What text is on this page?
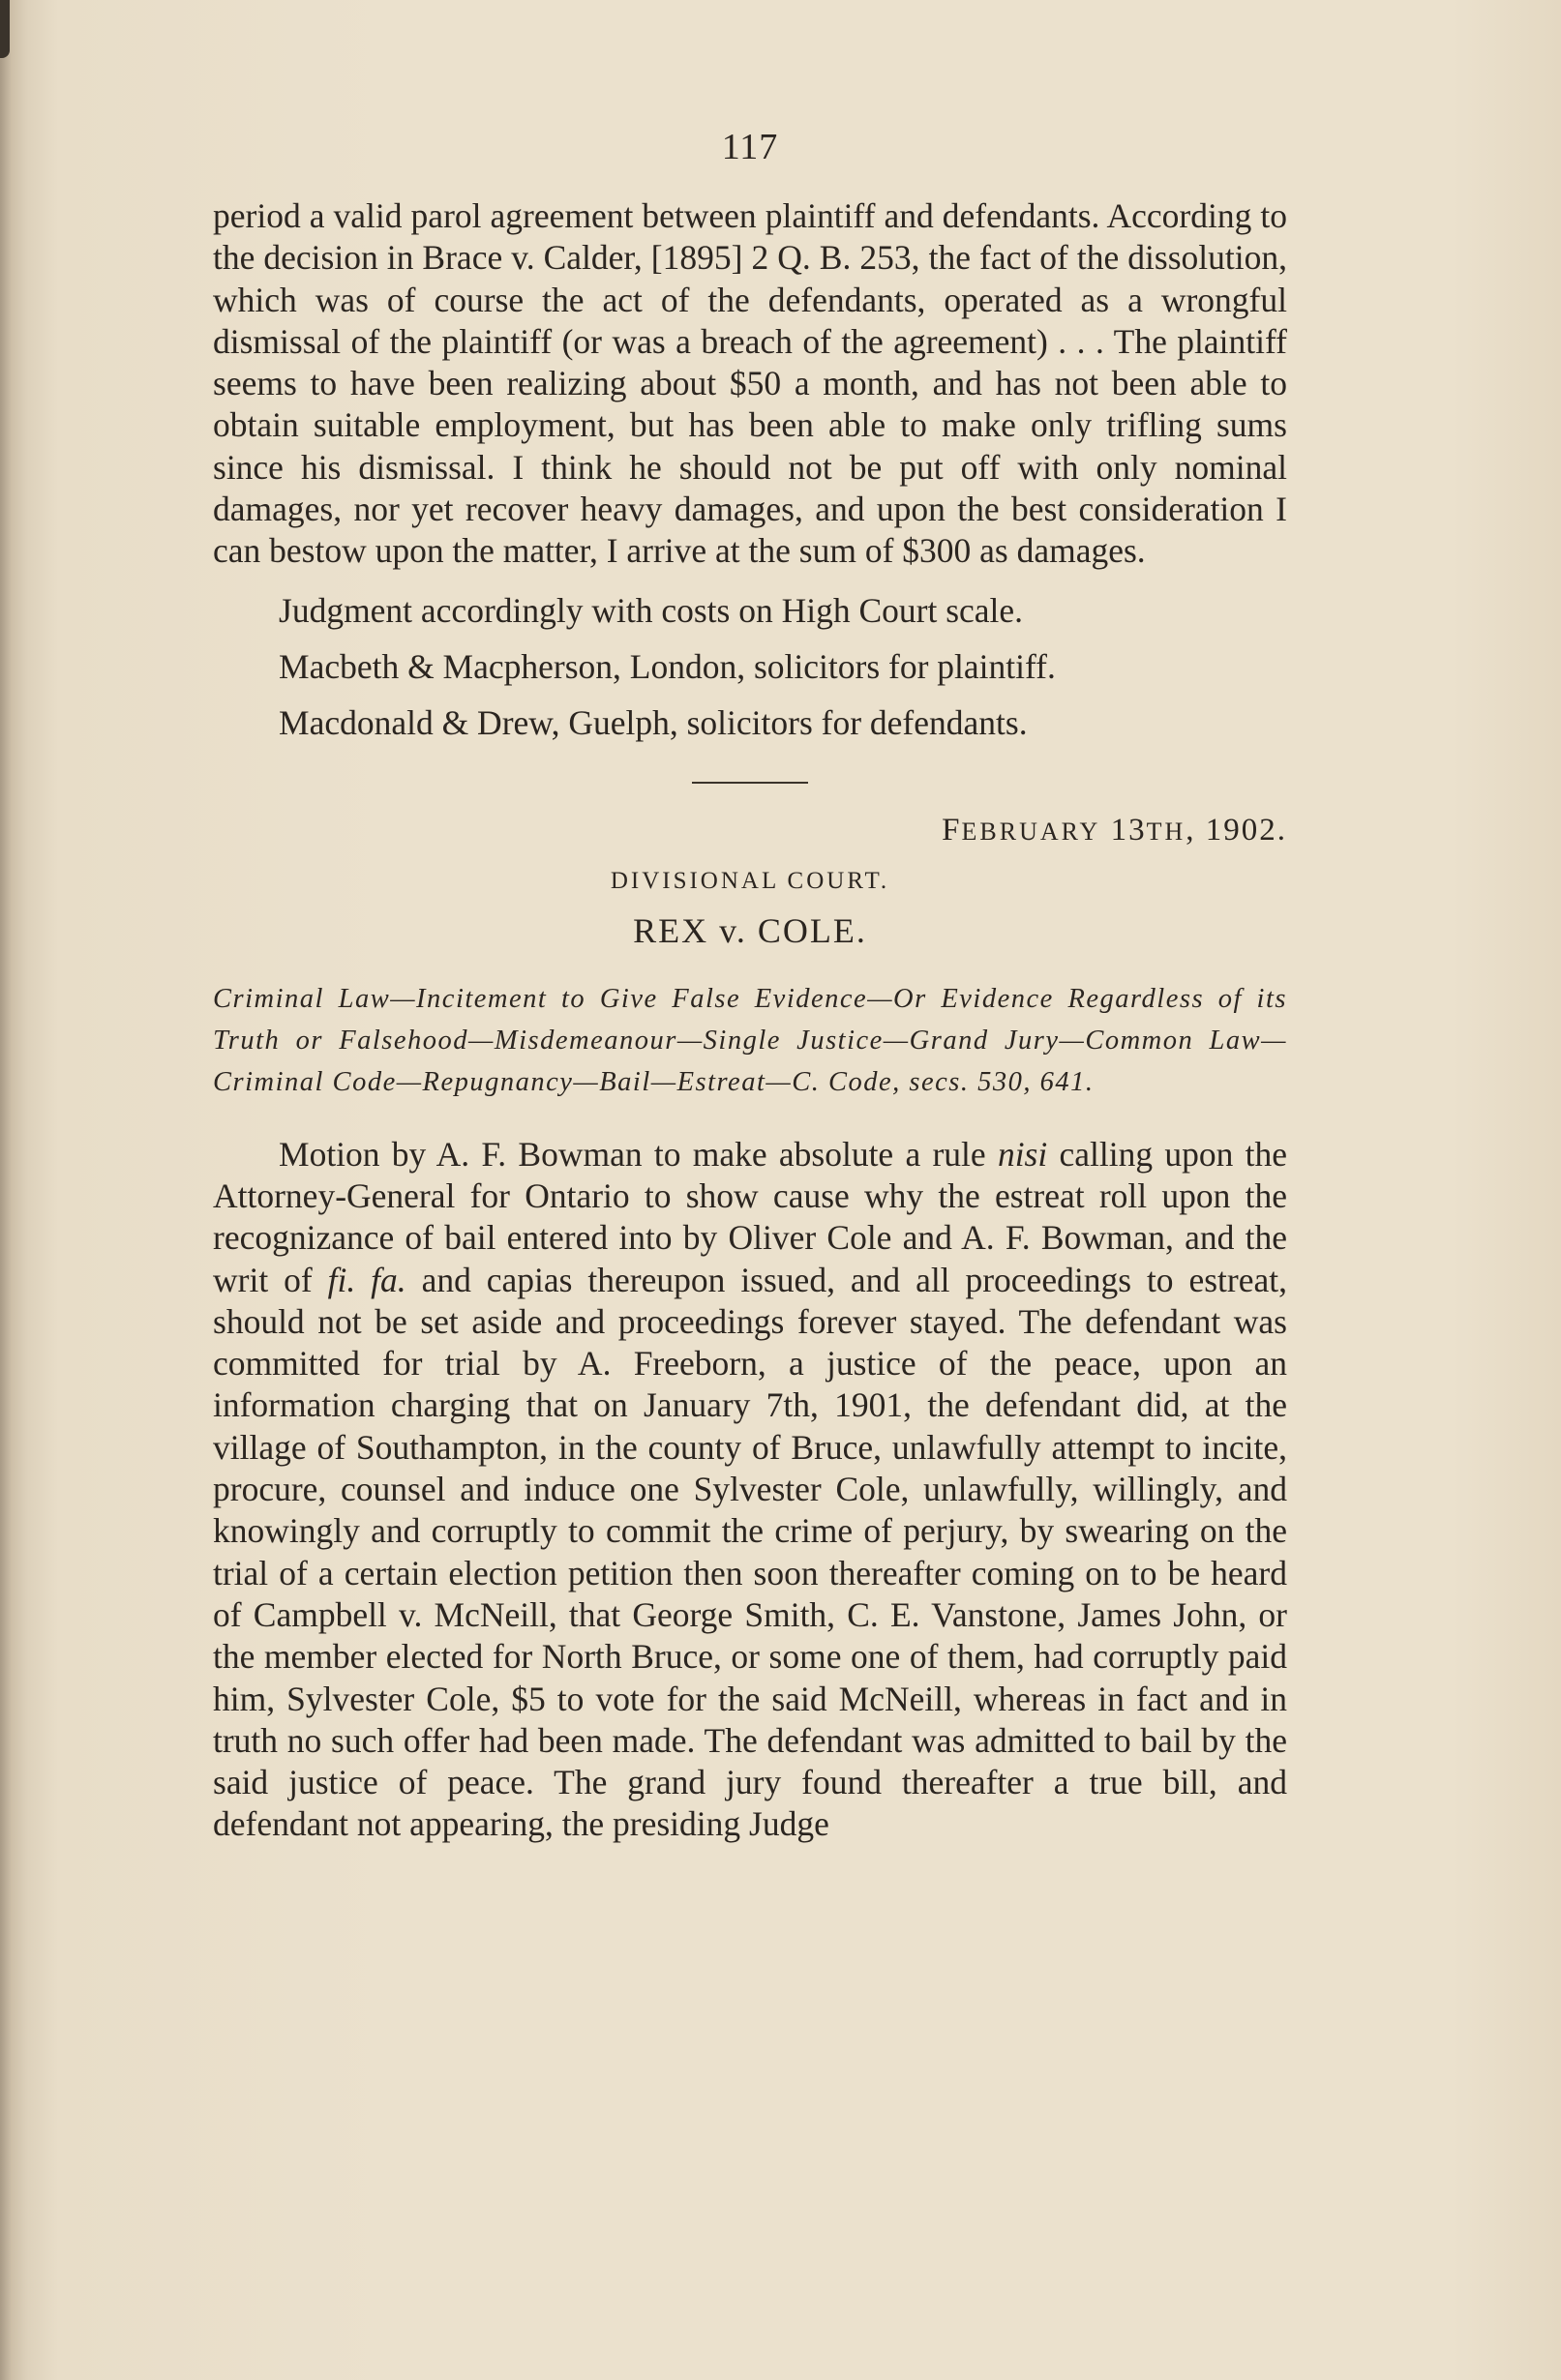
117

period a valid parol agreement between plaintiff and defendants. According to the decision in Brace v. Calder, [1895] 2 Q. B. 253, the fact of the dissolution, which was of course the act of the defendants, operated as a wrongful dismissal of the plaintiff (or was a breach of the agreement) . . . The plaintiff seems to have been realizing about $50 a month, and has not been able to obtain suitable employment, but has been able to make only trifling sums since his dismissal. I think he should not be put off with only nominal damages, nor yet recover heavy damages, and upon the best consideration I can bestow upon the matter, I arrive at the sum of $300 as damages.

Judgment accordingly with costs on High Court scale.

Macbeth & Macpherson, London, solicitors for plaintiff.

Macdonald & Drew, Guelph, solicitors for defendants.

FEBRUARY 13TH, 1902.
DIVISIONAL COURT.
REX v. COLE.
Criminal Law—Incitement to Give False Evidence—Or Evidence Regardless of its Truth or Falsehood—Misdemeanour—Single Justice—Grand Jury—Common Law—Criminal Code—Repugnancy—Bail—Estreat—C. Code, secs. 530, 641.

Motion by A. F. Bowman to make absolute a rule nisi calling upon the Attorney-General for Ontario to show cause why the estreat roll upon the recognizance of bail entered into by Oliver Cole and A. F. Bowman, and the writ of fi. fa. and capias thereupon issued, and all proceedings to estreat, should not be set aside and proceedings forever stayed. The defendant was committed for trial by A. Freeborn, a justice of the peace, upon an information charging that on January 7th, 1901, the defendant did, at the village of Southampton, in the county of Bruce, unlawfully attempt to incite, procure, counsel and induce one Sylvester Cole, unlawfully, willingly, and knowingly and corruptly to commit the crime of perjury, by swearing on the trial of a certain election petition then soon thereafter coming on to be heard of Campbell v. McNeill, that George Smith, C. E. Vanstone, James John, or the member elected for North Bruce, or some one of them, had corruptly paid him, Sylvester Cole, $5 to vote for the said McNeill, whereas in fact and in truth no such offer had been made. The defendant was admitted to bail by the said justice of peace. The grand jury found thereafter a true bill, and defendant not appearing, the presiding Judge
